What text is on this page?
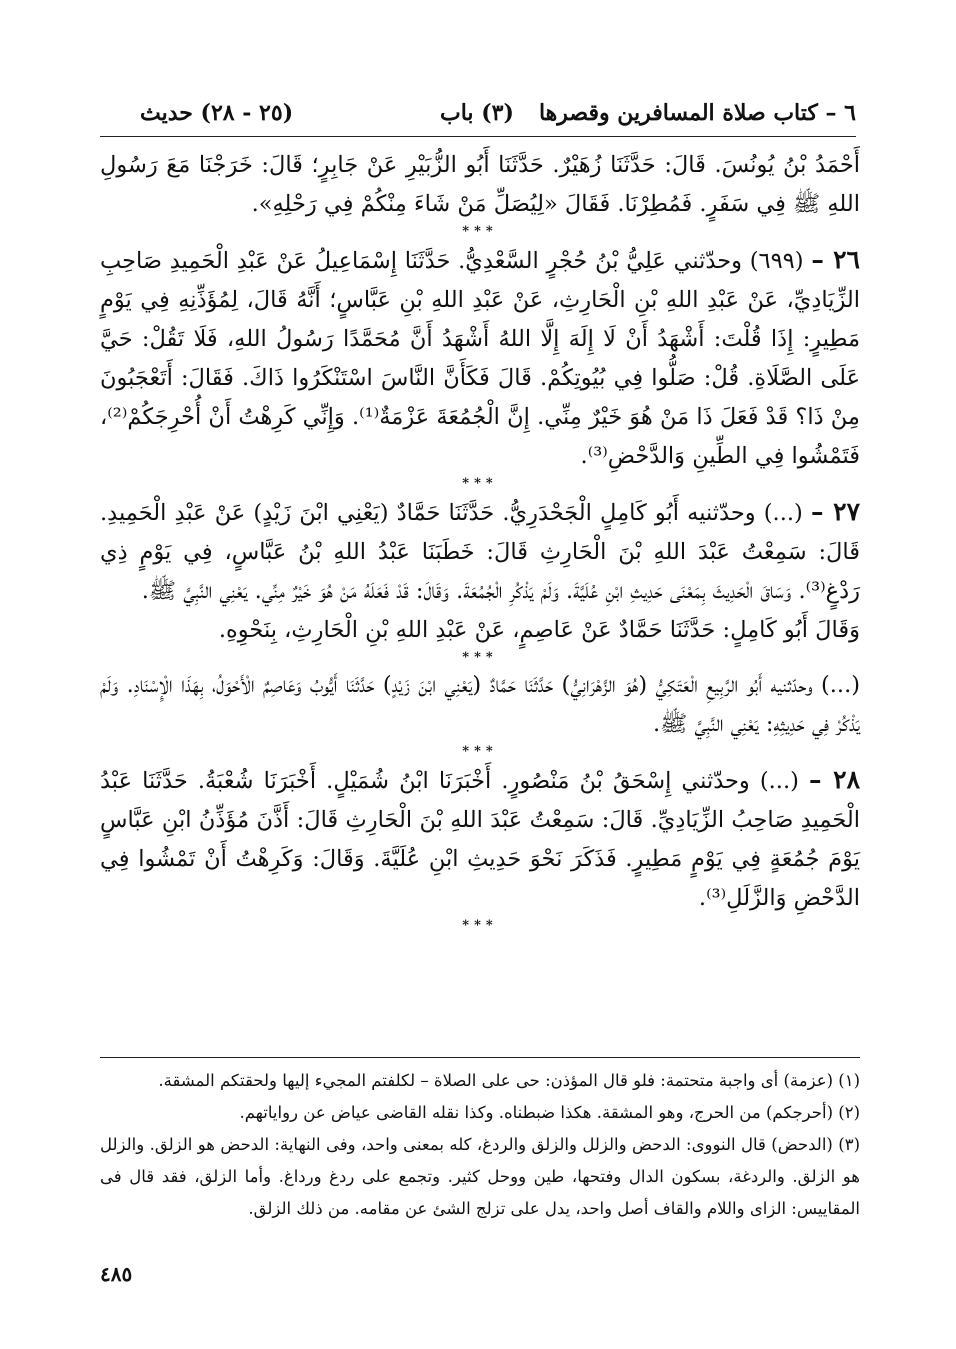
٦ – كتاب صلاة المسافرين وقصرها
(٣) باب
(٢٥ - ٢٨) حديث

أَحْمَدُ بْنُ يُونُسَ. قَالَ: حَدَّثَنَا زُهَيْرٌ. حَدَّثَنَا أَبُو الزُّبَيْرِ عَنْ جَابِرٍ؛ قَالَ: خَرَجْنَا مَعَ رَسُولِ اللهِ ﷺ فِي سَفَرٍ. فَمُطِرْنَا. فَقَالَ «لِيُصَلِّ مَنْ شَاءَ مِنْكُمْ فِي رَحْلِهِ».

***

٢٦ – (٦٩٩) وحدّثني عَلِيُّ بْنُ حُجْرٍ السَّعْدِيُّ. حَدَّثَنَا إِسْمَاعِيلُ عَنْ عَبْدِ الْحَمِيدِ صَاحِبِ الزِّيَادِيِّ، عَنْ عَبْدِ اللهِ بْنِ الْحَارِثِ، عَنْ عَبْدِ اللهِ بْنِ عَبَّاسٍ؛ أَنَّهُ قَالَ، لِمُؤَذِّنِهِ فِي يَوْمٍ مَطِيرٍ: إِذَا قُلْتَ: أَشْهَدُ أَنْ لَا إِلَهَ إِلَّا اللهُ أَشْهَدُ أَنَّ مُحَمَّدًا رَسُولُ اللهِ، فَلَا تَقُلْ: حَيَّ عَلَى الصَّلَاةِ. قُلْ: صَلُّوا فِي بُيُوتِكُمْ. قَالَ فَكَأَنَّ النَّاسَ اسْتَنْكَرُوا ذَاكَ. فَقَالَ: أَتَعْجَبُونَ مِنْ ذَا؟ قَدْ فَعَلَ ذَا مَنْ هُوَ خَيْرٌ مِنِّي. إِنَّ الْجُمُعَةَ عَزْمَةٌ⁽¹⁾. وَإِنِّي كَرِهْتُ أَنْ أُحْرِجَكُمْ⁽²⁾، فَتَمْشُوا فِي الطِّينِ وَالدَّحْضِ⁽³⁾.

***

٢٧ – (...) وحدّثنيه أَبُو كَامِلٍ الْجَحْدَرِيُّ. حَدَّثَنَا حَمَّادٌ (يَعْنِي ابْنَ زَيْدٍ) عَنْ عَبْدِ الْحَمِيدِ. قَالَ: سَمِعْتُ عَبْدَ اللهِ بْنَ الْحَارِثِ قَالَ: خَطَبَنَا عَبْدُ اللهِ بْنُ عَبَّاسٍ، فِي يَوْمٍ ذِي رَدْغٍ⁽³⁾. وَسَاقَ الْحَدِيثَ بِمَعْنَى حَدِيثِ ابْنِ عُلَيَّةَ. وَلَمْ يَذْكُرِ الْجُمُعَةَ. وَقَالَ: قَدْ فَعَلَهُ مَنْ هُوَ خَيْرٌ مِنِّي. يَعْنِي النَّبِيَّ ﷺ.

وَقَالَ أَبُو كَامِلٍ: حَدَّثَنَا حَمَّادٌ عَنْ عَاصِمٍ، عَنْ عَبْدِ اللهِ بْنِ الْحَارِثِ، بِنَحْوِهِ.

***

(...) وحدّثنيه أَبُو الرَّبِيعِ الْعَتَكِيُّ (هُوَ الزَّهْرَانِيُّ) حَدَّثَنَا حَمَّادٌ (يَعْنِي ابْنَ زَيْدٍ) حَدَّثَنَا أَيُّوبُ وَعَاصِمٌ الْأَحْوَلُ، بِهَذَا الْإِسْنَادِ. وَلَمْ يَذْكُرْ فِي حَدِيثِهِ: يَعْنِي النَّبِيَّ ﷺ.

***

٢٨ – (...) وحدّثني إِسْحَقُ بْنُ مَنْصُورٍ. أَخْبَرَنَا ابْنُ شُمَيْلٍ. أَخْبَرَنَا شُعْبَةُ. حَدَّثَنَا عَبْدُ الْحَمِيدِ صَاحِبُ الزِّيَادِيِّ. قَالَ: سَمِعْتُ عَبْدَ اللهِ بْنَ الْحَارِثِ قَالَ: أَذَّنَ مُؤَذِّنُ ابْنِ عَبَّاسٍ يَوْمَ جُمُعَةٍ فِي يَوْمٍ مَطِيرٍ. فَذَكَرَ نَحْوَ حَدِيثِ ابْنِ عُلَيَّةَ. وَقَالَ: وَكَرِهْتُ أَنْ تَمْشُوا فِي الدَّحْضِ وَالزَّلَلِ⁽³⁾.

***

(١) (عزمة) أى واجبة متحتمة: فلو قال المؤذن: حى على الصلاة – لكلفتم المجيء إليها ولحقتكم المشقة.

(٢) (أحرجكم) من الحرج، وهو المشقة. هكذا ضبطناه. وكذا نقله القاضى عياض عن رواياتهم.

(٣) (الدحض) قال النووى: الدحض والزلل والزلق والردغ، كله بمعنى واحد، وفى النهاية: الدحض هو الزلق. والزلل هو الزلق. والردغة، بسكون الدال وفتحها، طين ووحل كثير. وتجمع على ردغ ورداغ. وأما الزلق، فقد قال فى المقاييس: الزاى واللام والقاف أصل واحد، يدل على تزلج الشئ عن مقامه. من ذلك الزلق.

٤٨٥
